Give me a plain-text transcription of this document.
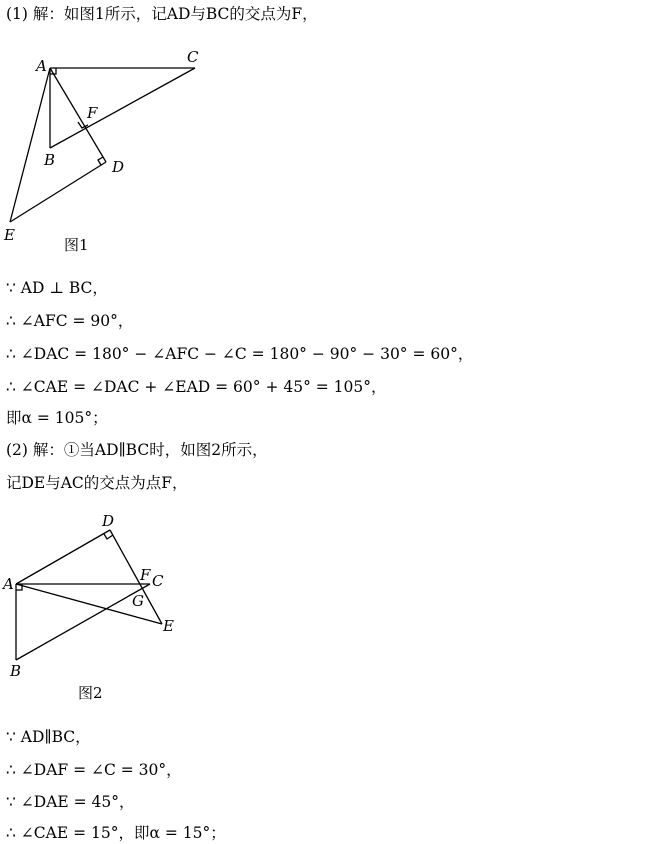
(1) 解：如图1所示，记AD与BC的交点为F，
A	C
F
B	D
E
图1
∵ AD ⊥ BC，
∴ ∠AFC = 90°，
∴ ∠DAC = 180° − ∠AFC − ∠C = 180° − 90° − 30° = 60°，
∴ ∠CAE = ∠DAC + ∠EAD = 60° + 45° = 105°，
即α = 105°；
(2) 解：①当AD∥BC时，如图2所示，
记DE与AC的交点为点F，
D
A	F C
G
E
B
图2
∵ AD∥BC，
∴ ∠DAF = ∠C = 30°，
∵ ∠DAE = 45°，
∴ ∠CAE = 15°，即α = 15°；
